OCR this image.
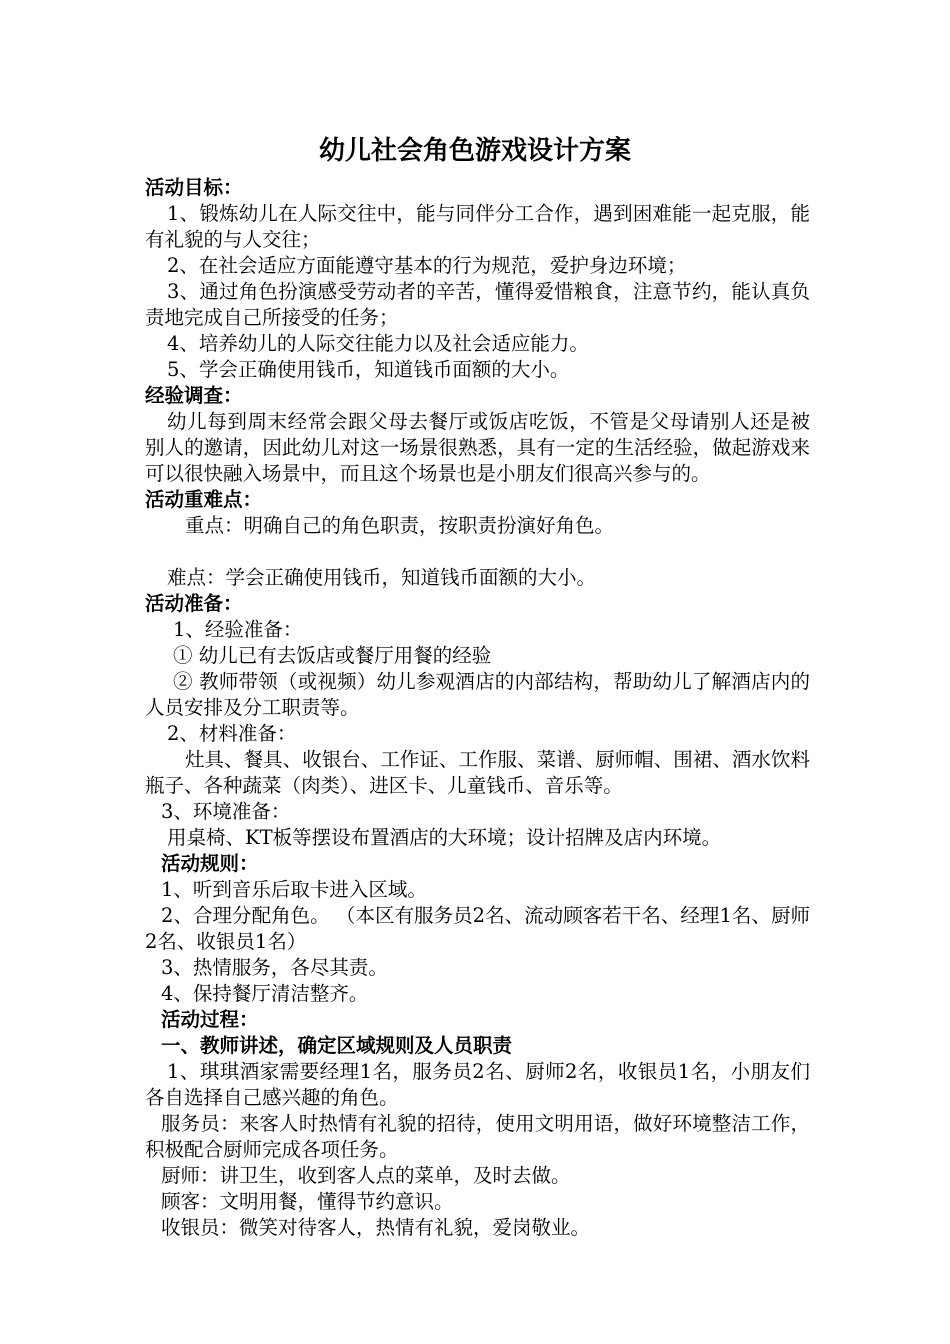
幼儿社会角色游戏设计方案

活动目标：

1、锻炼幼儿在人际交往中，能与同伴分工合作，遇到困难能一起克服，能有礼貌的与人交往；

2、在社会适应方面能遵守基本的行为规范，爱护身边环境；

3、通过角色扮演感受劳动者的辛苦，懂得爱惜粮食，注意节约，能认真负责地完成自己所接受的任务；

4、培养幼儿的人际交往能力以及社会适应能力。

5、学会正确使用钱币，知道钱币面额的大小。

经验调查：

幼儿每到周末经常会跟父母去餐厅或饭店吃饭，不管是父母请别人还是被别人的邀请，因此幼儿对这一场景很熟悉，具有一定的生活经验，做起游戏来可以很快融入场景中，而且这个场景也是小朋友们很高兴参与的。

活动重难点：

重点：明确自己的角色职责，按职责扮演好角色。

难点：学会正确使用钱币，知道钱币面额的大小。

活动准备：

1、经验准备：

① 幼儿已有去饭店或餐厅用餐的经验

② 教师带领（或视频）幼儿参观酒店的内部结构，帮助幼儿了解酒店内的人员安排及分工职责等。

2、材料准备：

灶具、餐具、收银台、工作证、工作服、菜谱、厨师帽、围裙、酒水饮料瓶子、各种蔬菜（肉类）、进区卡、儿童钱币、音乐等。

3、环境准备：

用桌椅、KT板等摆设布置酒店的大环境；设计招牌及店内环境。

活动规则：

1、听到音乐后取卡进入区域。

2、合理分配角色。 （本区有服务员2名、流动顾客若干名、经理1名、厨师2名、收银员1名）

3、热情服务，各尽其责。

4、保持餐厅清洁整齐。

活动过程：

一、教师讲述，确定区域规则及人员职责

1、琪琪酒家需要经理1名，服务员2名、厨师2名，收银员1名，小朋友们各自选择自己感兴趣的角色。

服务员：来客人时热情有礼貌的招待，使用文明用语，做好环境整洁工作，积极配合厨师完成各项任务。

厨师：讲卫生，收到客人点的菜单，及时去做。

顾客：文明用餐，懂得节约意识。

收银员：微笑对待客人，热情有礼貌，爱岗敬业。
